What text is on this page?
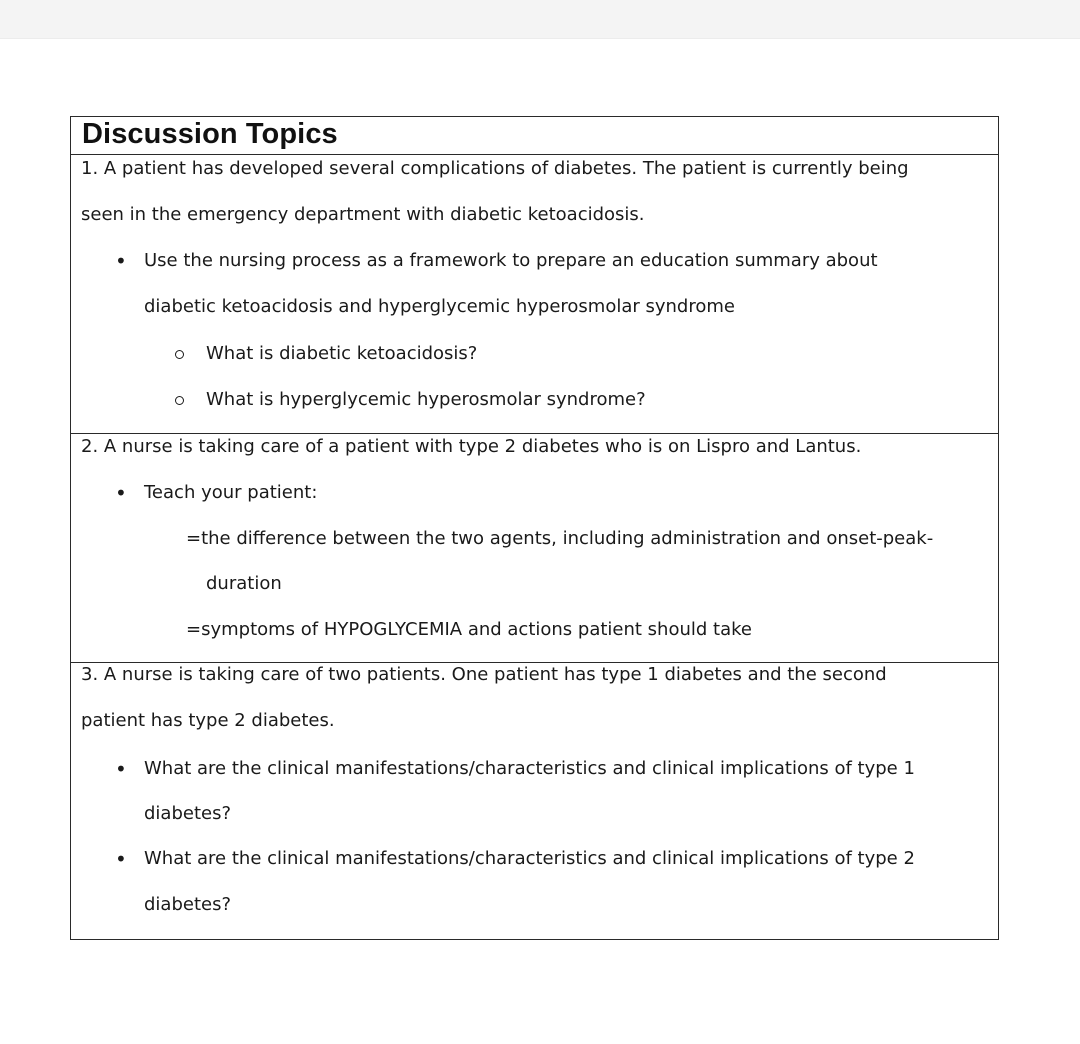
Discussion Topics
1. A patient has developed several complications of diabetes. The patient is currently being
seen in the emergency department with diabetic ketoacidosis.
• Use the nursing process as a framework to prepare an education summary about
diabetic ketoacidosis and hyperglycemic hyperosmolar syndrome
What is diabetic ketoacidosis?
What is hyperglycemic hyperosmolar syndrome?
2. A nurse is taking care of a patient with type 2 diabetes who is on Lispro and Lantus.
• Teach your patient:
=the difference between the two agents, including administration and onset-peak-
duration
=symptoms of HYPOGLYCEMIA and actions patient should take
3. A nurse is taking care of two patients. One patient has type 1 diabetes and the second
patient has type 2 diabetes.
• What are the clinical manifestations/characteristics and clinical implications of type 1
diabetes?
• What are the clinical manifestations/characteristics and clinical implications of type 2
diabetes?
